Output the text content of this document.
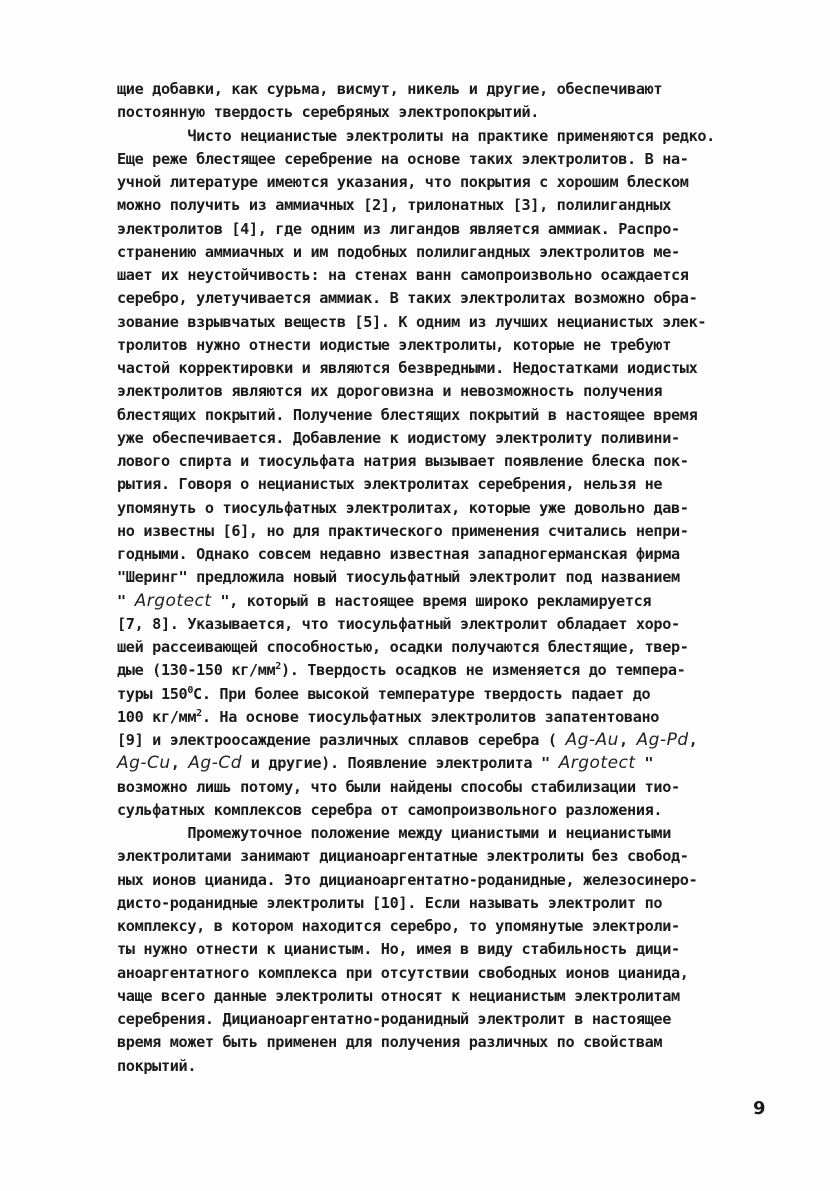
щие добавки, как сурьма, висмут, никель и другие, обеспечивают
постоянную твердость серебряных электропокрытий.
Чисто нецианистые электролиты на практике применяются редко.
Еще реже блестящее серебрение на основе таких электролитов. В на-
учной литературе имеются указания, что покрытия с хорошим блеском
можно получить из аммиачных [2], трилонатных [3], полилигандных
электролитов [4], где одним из лигандов является аммиак. Распро-
странению аммиачных и им подобных полилигандных электролитов ме-
шает их неустойчивость: на стенах ванн самопроизвольно осаждается
серебро, улетучивается аммиак. В таких электролитах возможно обра-
зование взрывчатых веществ [5]. К одним из лучших нецианистых элек-
тролитов нужно отнести иодистые электролиты, которые не требуют
частой корректировки и являются безвредными. Недостатками иодистых
электролитов являются их дороговизна и невозможность получения
блестящих покрытий. Получение блестящих покрытий в настоящее время
уже обеспечивается. Добавление к иодистому электролиту поливини-
лового спирта и тиосульфата натрия вызывает появление блеска пок-
рытия. Говоря о нецианистых электролитах серебрения, нельзя не
упомянуть о тиосульфатных электролитах, которые уже довольно дав-
но известны [6], но для практического применения считались непри-
годными. Однако совсем недавно известная западногерманская фирма
"Шеринг" предложила новый тиосульфатный электролит под названием
" Argotect ", который в настоящее время широко рекламируется
[7, 8]. Указывается, что тиосульфатный электролит обладает хоро-
шей рассеивающей способностью, осадки получаются блестящие, твер-
дые (130-150 $кг/мм^2$). Твердость осадков не изменяется до темпера-
туры $150^0С$. При более высокой температуре твердость падает до
100 $кг/мм^2$. На основе тиосульфатных электролитов запатентовано
[9] и электроосаждение различных сплавов серебра ( Ag-Au, Ag-Pd,
Ag-Cu, Ag-Cd и другие). Появление электролита " Argotect "
возможно лишь потому, что были найдены способы стабилизации тио-
сульфатных комплексов серебра от самопроизвольного разложения.
Промежуточное положение между цианистыми и нецианистыми
электролитами занимают дицианоаргентатные электролиты без свобод-
ных ионов цианида. Это дицианоаргентатно-роданидные, железосинеро-
дисто-роданидные электролиты [10]. Если называть электролит по
комплексу, в котором находится серебро, то упомянутые электроли-
ты нужно отнести к цианистым. Но, имея в виду стабильность дици-
аноаргентатного комплекса при отсутствии свободных ионов цианида,
чаще всего данные электролиты относят к нецианистым электролитам
серебрения. Дицианоаргентатно-роданидный электролит в настоящее
время может быть применен для получения различных по свойствам
покрытий.
9
